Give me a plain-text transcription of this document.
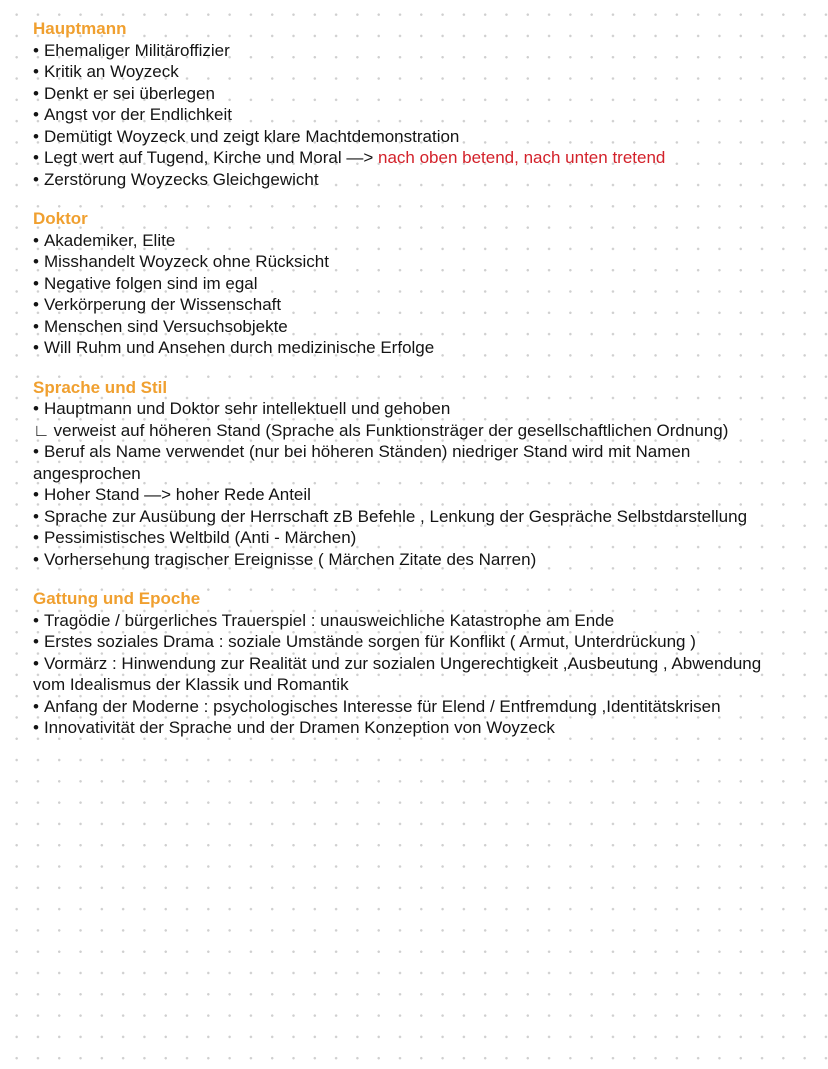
Hauptmann
• Ehemaliger Militäroffizier
• Kritik an Woyzeck
• Denkt er sei überlegen
• Angst vor der Endlichkeit
• Demütigt Woyzeck und zeigt klare Machtdemonstration
• Legt wert auf Tugend, Kirche und Moral —> nach oben betend, nach unten tretend
• Zerstörung Woyzecks Gleichgewicht
Doktor
• Akademiker, Elite
• Misshandelt Woyzeck ohne Rücksicht
• Negative folgen sind im egal
• Verkörperung der Wissenschaft
• Menschen sind Versuchsobjekte
• Will Ruhm und Ansehen durch medizinische Erfolge
Sprache und Stil
• Hauptmann und Doktor sehr intellektuell und gehoben
∟ verweist auf höheren Stand (Sprache als Funktionsträger der gesellschaftlichen Ordnung)
• Beruf als Name verwendet (nur bei höheren Ständen) niedriger Stand wird mit Namen angesprochen
• Hoher Stand —> hoher Rede Anteil
• Sprache zur Ausübung der Herrschaft zB Befehle , Lenkung der Gespräche Selbstdarstellung
• Pessimistisches Weltbild (Anti - Märchen)
• Vorhersehung tragischer Ereignisse ( Märchen Zitate des Narren)
Gattung und Epoche
• Tragödie / bürgerliches Trauerspiel : unausweichliche Katastrophe am Ende
• Erstes soziales Drama : soziale Umstände sorgen für Konflikt ( Armut, Unterdrückung )
• Vormärz : Hinwendung zur Realität und zur sozialen Ungerechtigkeit ,Ausbeutung , Abwendung vom Idealismus der Klassik und Romantik
• Anfang der Moderne : psychologisches Interesse für Elend / Entfremdung ,Identitätskrisen
• Innovativität der Sprache und der Dramen Konzeption von Woyzeck
